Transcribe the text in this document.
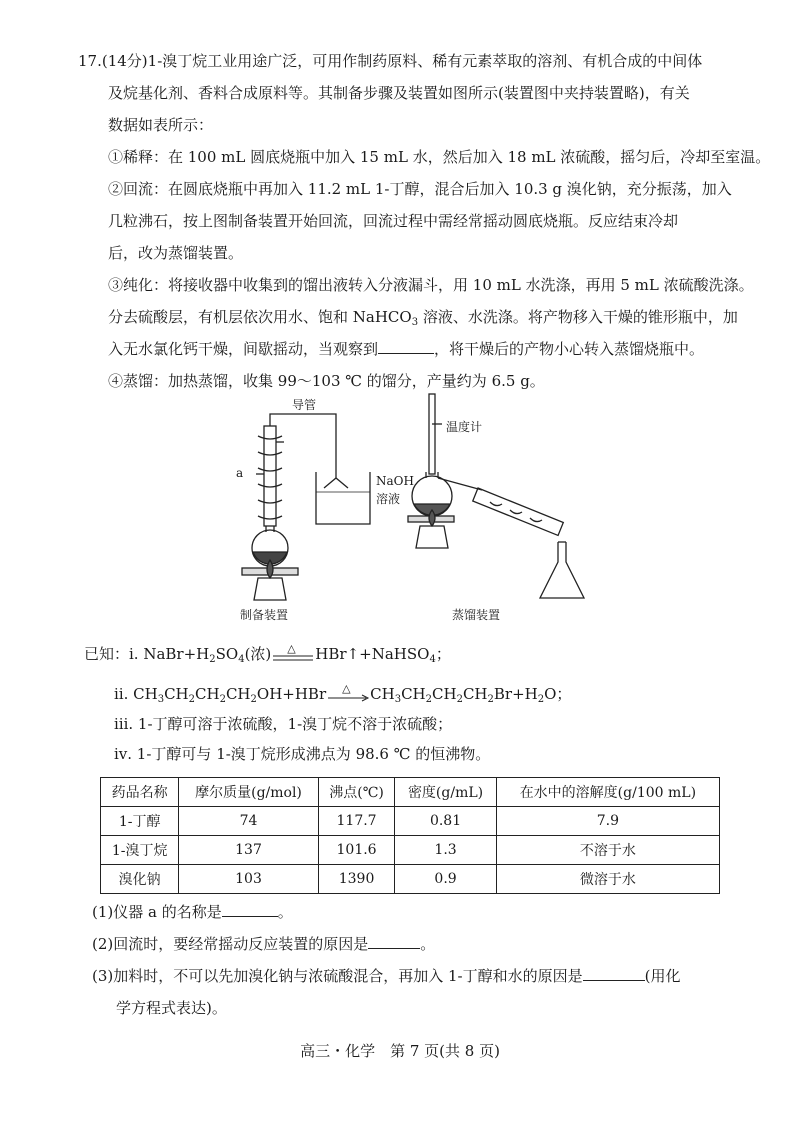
17.(14分)1-溴丁烷工业用途广泛，可用作制药原料、稀有元素萃取的溶剂、有机合成的中间体
及烷基化剂、香料合成原料等。其制备步骤及装置如图所示(装置图中夹持装置略)，有关
数据如表所示：
①稀释：在 100 mL 圆底烧瓶中加入 15 mL 水，然后加入 18 mL 浓硫酸，摇匀后，冷却至室温。
②回流：在圆底烧瓶中再加入 11.2 mL 1-丁醇，混合后加入 10.3 g 溴化钠，充分振荡，加入
几粒沸石，按上图制备装置开始回流，回流过程中需经常摇动圆底烧瓶。反应结束冷却
后，改为蒸馏装置。
③纯化：将接收器中收集到的馏出液转入分液漏斗，用 10 mL 水洗涤，再用 5 mL 浓硫酸洗涤。
分去硫酸层，有机层依次用水、饱和 NaHCO$_3$ 溶液、水洗涤。将产物移入干燥的锥形瓶中，加
入无水氯化钙干燥，间歇摇动，当观察到	，将干燥后的产物小心转入蒸馏烧瓶中。
④蒸馏：加热蒸馏，收集 99～103 ℃ 的馏分，产量约为 6.5 g。
导管
a
NaOH
溶液
温度计
制备装置	蒸馏装置
已知：ⅰ. $NaBr+H_2SO_4$(浓) △ HBr↑+NaHSO$_4$；
ⅱ. $CH_3CH_2CH_2CH_2OH+HBr$ △ $CH_3CH_2CH_2CH_2Br+H_2O$；
ⅲ. 1-丁醇可溶于浓硫酸，1-溴丁烷不溶于浓硫酸；
ⅳ. 1-丁醇可与 1-溴丁烷形成沸点为 98.6 ℃ 的恒沸物。
药品名称	摩尔质量(g/mol)	沸点(℃)	密度(g/mL)	在水中的溶解度(g/100 mL)
1-丁醇	74	117.7	0.81	7.9
1-溴丁烷	137	101.6	1.3	不溶于水
溴化钠	103	1390	0.9	微溶于水
(1)仪器 a 的名称是	。
(2)回流时，要经常摇动反应装置的原因是	。
(3)加料时，不可以先加溴化钠与浓硫酸混合，再加入 1-丁醇和水的原因是	(用化
学方程式表达)。
高三・化学　第 7 页(共 8 页)
